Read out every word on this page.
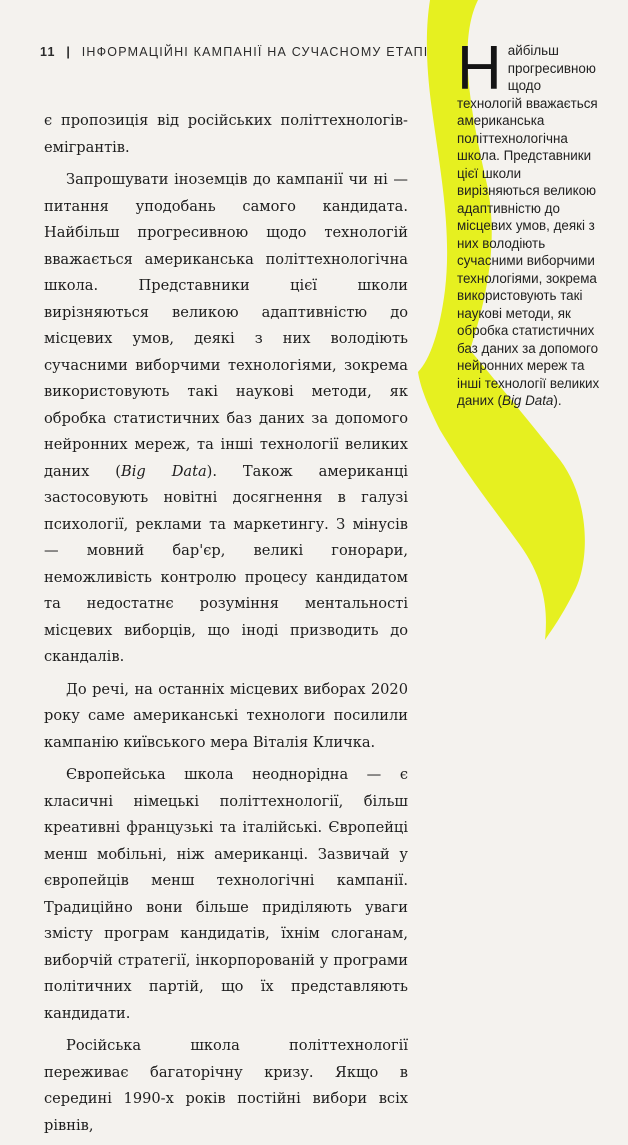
11 | ІНФОРМАЦІЙНІ КАМПАНІЇ НА СУЧАСНОМУ ЕТАПІ

є пропозиція від російських політтехнологів-емігрантів.

Запрошувати іноземців до кампанії чи ні — питання уподобань самого кандидата. Найбільш прогресивною щодо технологій вважається американська політтехнологічна школа. Представники цієї школи вирізняються великою адаптивністю до місцевих умов, деякі з них володіють сучасними виборчими технологіями, зокрема використовують такі наукові методи, як обробка статистичних баз даних за допомого нейронних мереж, та інші технології великих даних (Big Data). Також американці застосовують новітні досягнення в галузі психології, реклами та маркетингу. З мінусів — мовний бар'єр, великі гонорари, неможливість контролю процесу кандидатом та недостатнє розуміння ментальності місцевих виборців, що іноді призводить до скандалів.

До речі, на останніх місцевих виборах 2020 року саме американські технологи посилили кампанію київського мера Віталія Кличка.

Європейська школа неоднорідна — є класичні німецькі політтехнології, більш креативні французькі та італійські. Європейці менш мобільні, ніж американці. Зазвичай у європейців менш технологічні кампанії. Традиційно вони більше приділяють уваги змісту програм кандидатів, їхнім слоганам, виборчій стратегії, інкорпорованій у програми політичних партій, що їх представляють кандидати.

Російська школа політтехнології переживає багаторічну кризу. Якщо в середині 1990-х років постійні вибори всіх рівнів,

Найбільш прогресивною щодо технологій вважається американська політтехнологічна школа. Представники цієї школи вирізняються великою адаптивністю до місцевих умов, деякі з них володіють сучасними виборчими технологіями, зокрема використовують такі наукові методи, як обробка статистичних баз даних за допомого нейронних мереж та інші технології великих даних (Big Data).
